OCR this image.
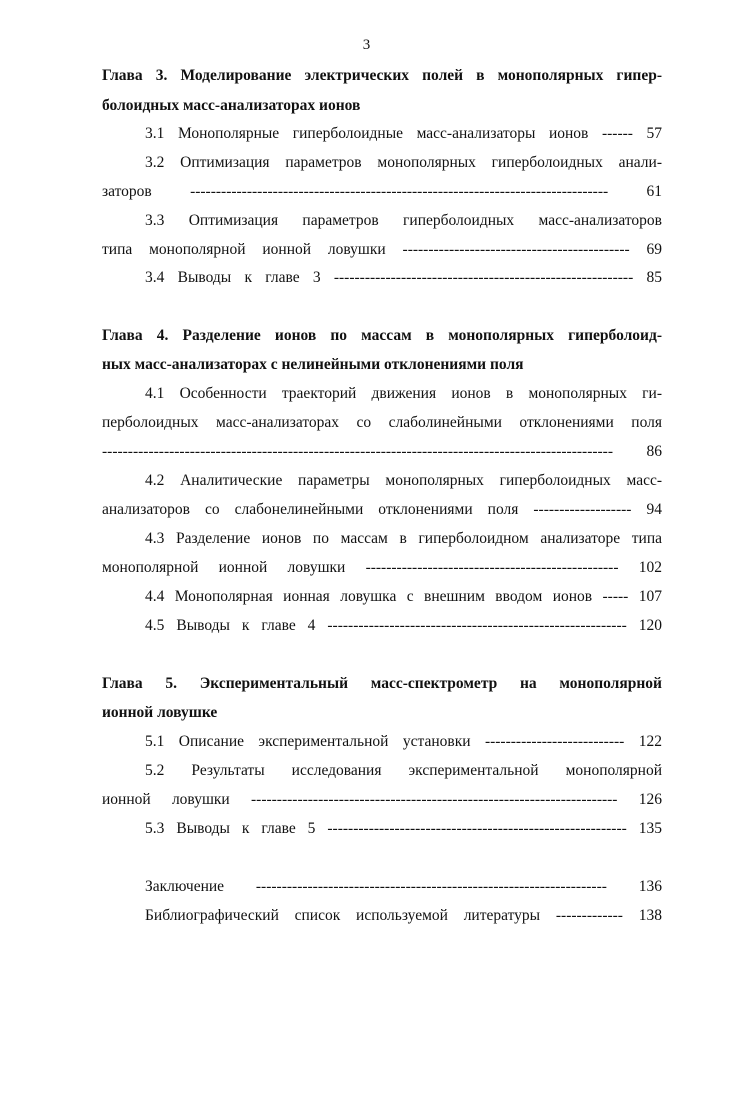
3
Глава 3. Моделирование электрических полей в монополярных гипер-
болоидных масс-анализаторах ионов
3.1 Монополярные гиперболоидные масс-анализаторы ионов ------ 57
3.2 Оптимизация параметров монополярных гиперболоидных анали-
заторов --------------------------------------------------------------------------------- 61
3.3 Оптимизация параметров гиперболоидных масс-анализаторов
типа монополярной ионной ловушки -------------------------------------------- 69
3.4 Выводы к главе 3 ---------------------------------------------------------- 85
Глава 4. Разделение ионов по массам в монополярных гиперболоид-
ных масс-анализаторах с нелинейными отклонениями поля
4.1 Особенности траекторий движения ионов в монополярных ги-
перболоидных масс-анализаторах со слаболинейными отклонениями поля
--------------------------------------------------------------------------------------------------- 86
4.2 Аналитические параметры монополярных гиперболоидных масс-
анализаторов со слабонелинейными отклонениями поля ------------------- 94
4.3 Разделение ионов по массам в гиперболоидном анализаторе типа
монополярной ионной ловушки ------------------------------------------------- 102
4.4 Монополярная ионная ловушка с внешним вводом ионов ----- 107
4.5 Выводы к главе 4 ---------------------------------------------------------- 120
Глава 5. Экспериментальный масс-спектрометр на монополярной
ионной ловушке
5.1 Описание экспериментальной установки --------------------------- 122
5.2 Результаты исследования экспериментальной монополярной
ионной ловушки ----------------------------------------------------------------------- 126
5.3 Выводы к главе 5 ---------------------------------------------------------- 135
Заключение -------------------------------------------------------------------- 136
Библиографический список используемой литературы ------------- 138
